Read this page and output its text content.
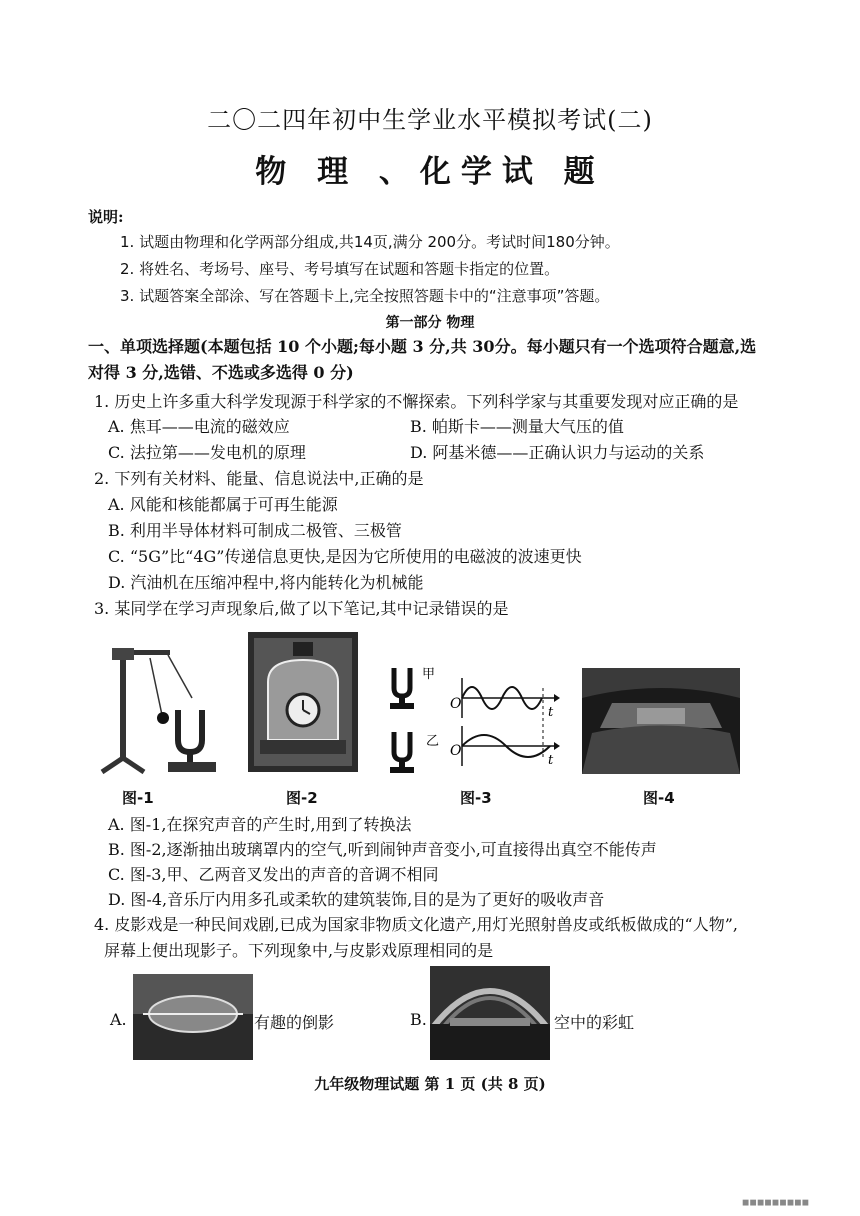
二〇二四年初中生学业水平模拟考试(二)
物 理 、化学试 题
说明:
1. 试题由物理和化学两部分组成,共14页,满分 200分。考试时间180分钟。
2. 将姓名、考场号、座号、考号填写在试题和答题卡指定的位置。
3. 试题答案全部涂、写在答题卡上,完全按照答题卡中的“注意事项”答题。
第一部分 物理
一、单项选择题(本题包括 10 个小题;每小题 3 分,共 30分。每小题只有一个选项符合题意,选
对得 3 分,选错、不选或多选得 0 分)
1. 历史上许多重大科学发现源于科学家的不懈探索。下列科学家与其重要发现对应正确的是
A. 焦耳——电流的磁效应	B. 帕斯卡——测量大气压的值
C. 法拉第——发电机的原理	D. 阿基米德——正确认识力与运动的关系
2. 下列有关材料、能量、信息说法中,正确的是
A. 风能和核能都属于可再生能源
B. 利用半导体材料可制成二极管、三极管
C. “5G”比“4G”传递信息更快,是因为它所使用的电磁波的波速更快
D. 汽油机在压缩冲程中,将内能转化为机械能
3. 某同学在学习声现象后,做了以下笔记,其中记录错误的是
甲
乙
O
O
t
t
图-1	图-2	图-3	图-4
A. 图-1,在探究声音的产生时,用到了转换法
B. 图-2,逐渐抽出玻璃罩内的空气,听到闹钟声音变小,可直接得出真空不能传声
C. 图-3,甲、乙两音叉发出的声音的音调不相同
D. 图-4,音乐厅内用多孔或柔软的建筑装饰,目的是为了更好的吸收声音
4. 皮影戏是一种民间戏剧,已成为国家非物质文化遗产,用灯光照射兽皮或纸板做成的“人物”,
屏幕上便出现影子。下列现象中,与皮影戏原理相同的是
A.	有趣的倒影	B.	空中的彩虹
九年级物理试题 第 1 页 (共 8 页)
◼◼◼◼◼◼◼◼◼
